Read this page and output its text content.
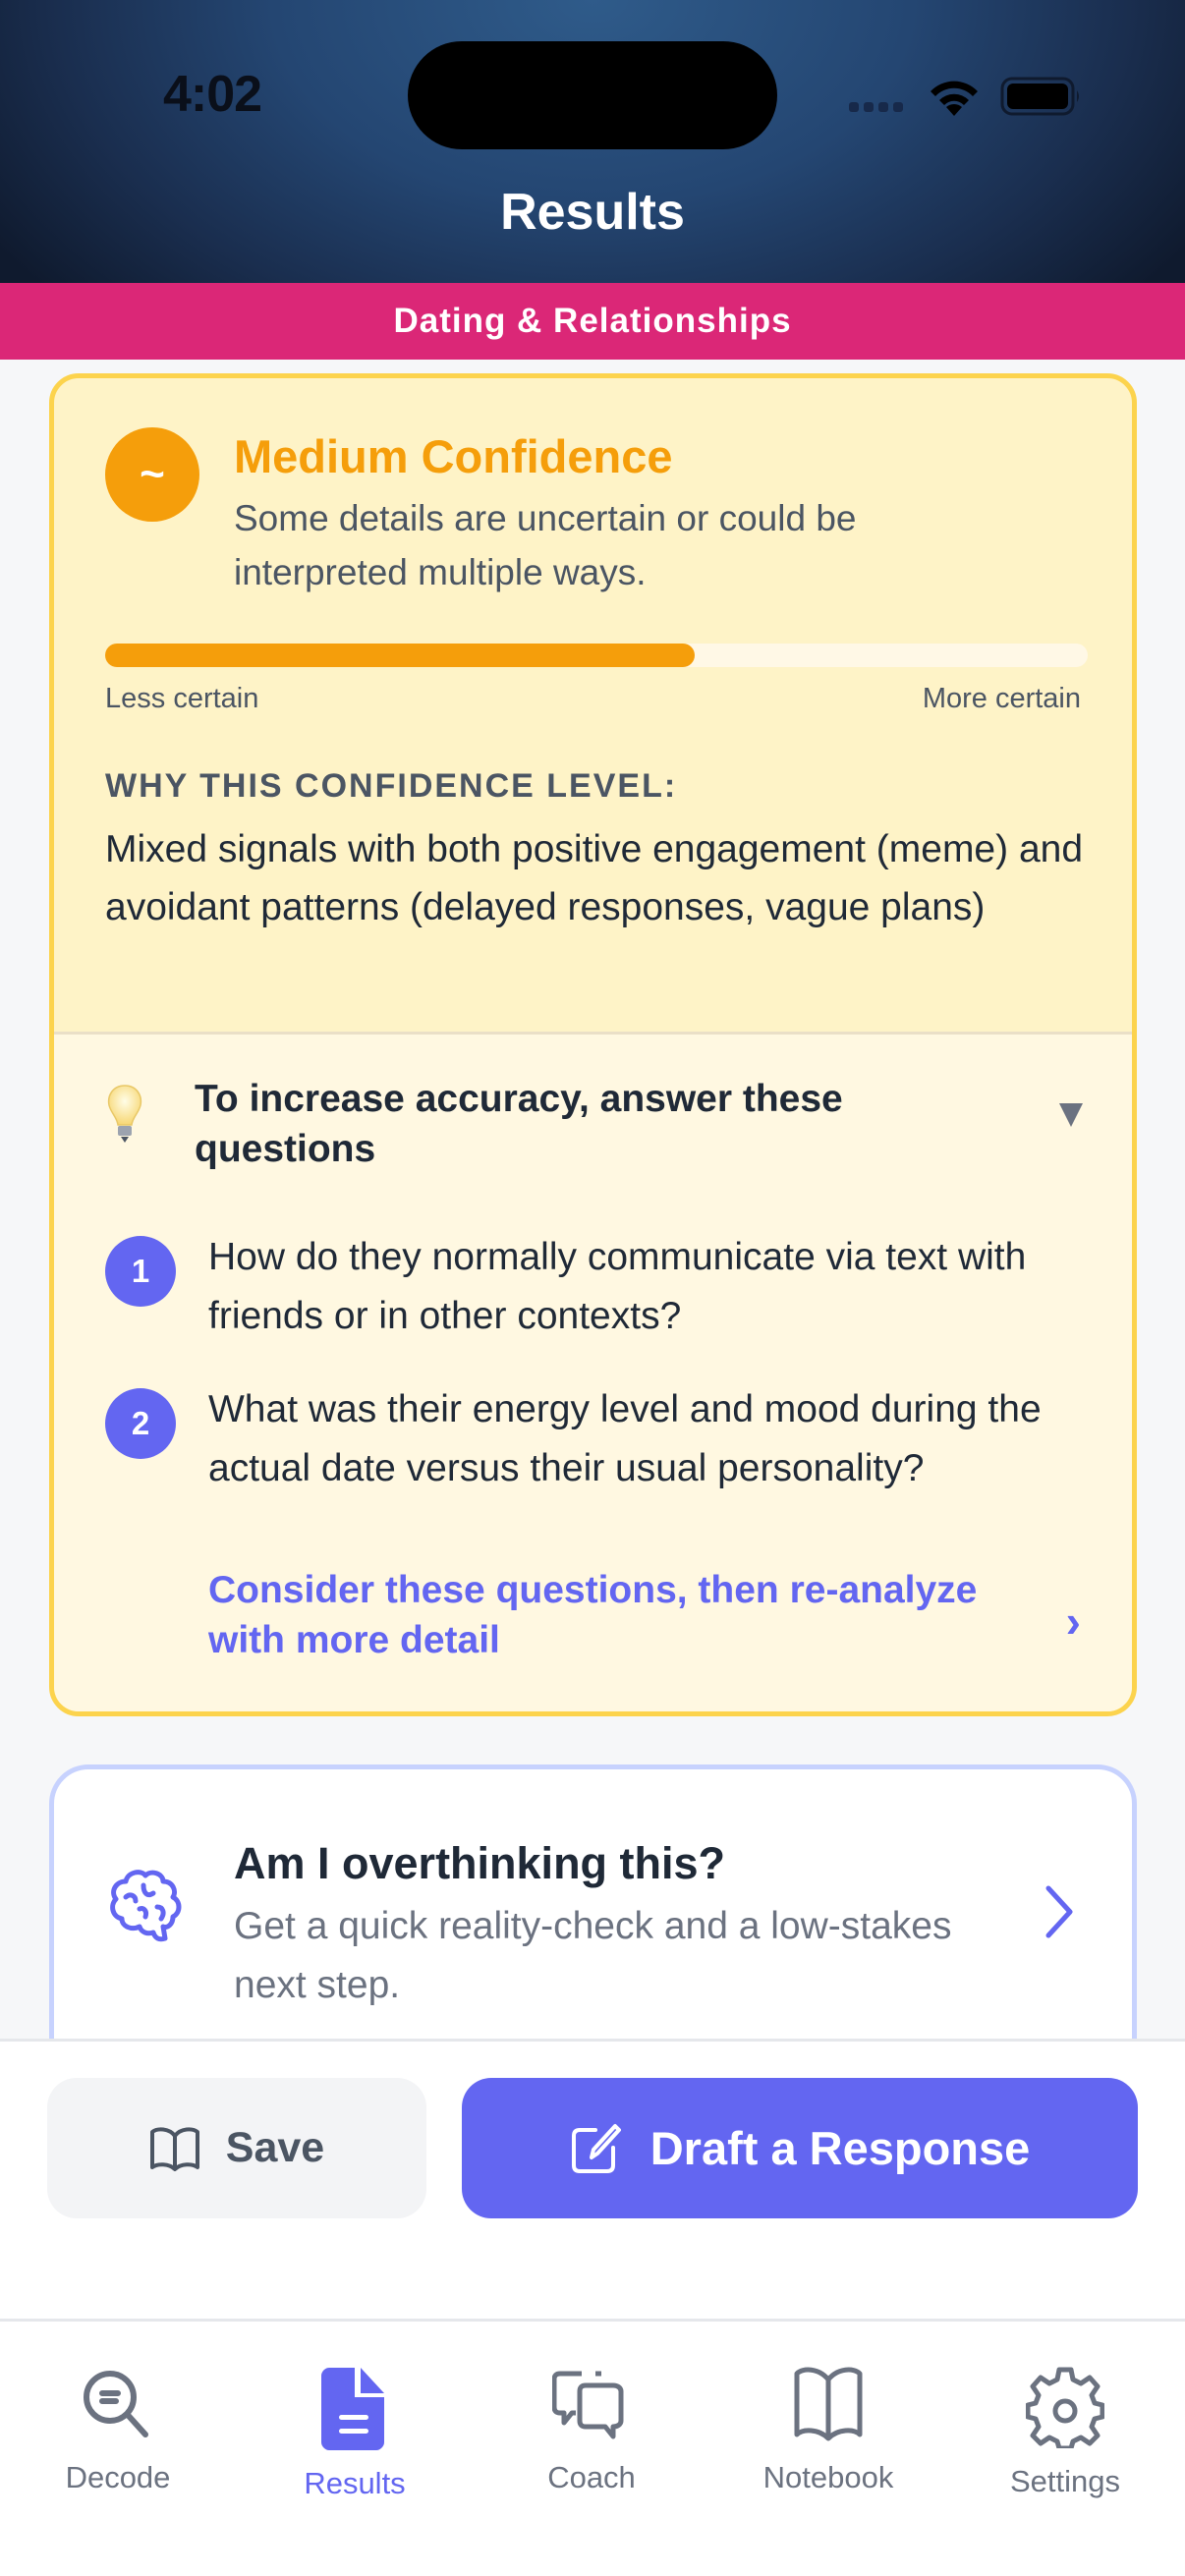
4:02
Results
Dating & Relationships
~	Medium Confidence
Some details are uncertain or could be interpreted multiple ways.
Less certain	More certain
WHY THIS CONFIDENCE LEVEL:
Mixed signals with both positive engagement (meme) and avoidant patterns (delayed responses, vague plans)
To increase accuracy, answer these questions
1	How do they normally communicate via text with friends or in other contexts?
2	What was their energy level and mood during the actual date versus their usual personality?
Consider these questions, then re-analyze with more detail	›
Am I overthinking this?
Get a quick reality-check and a low-stakes next step.
Save	Draft a Response
Decode	Results	Coach	Notebook	Settings
